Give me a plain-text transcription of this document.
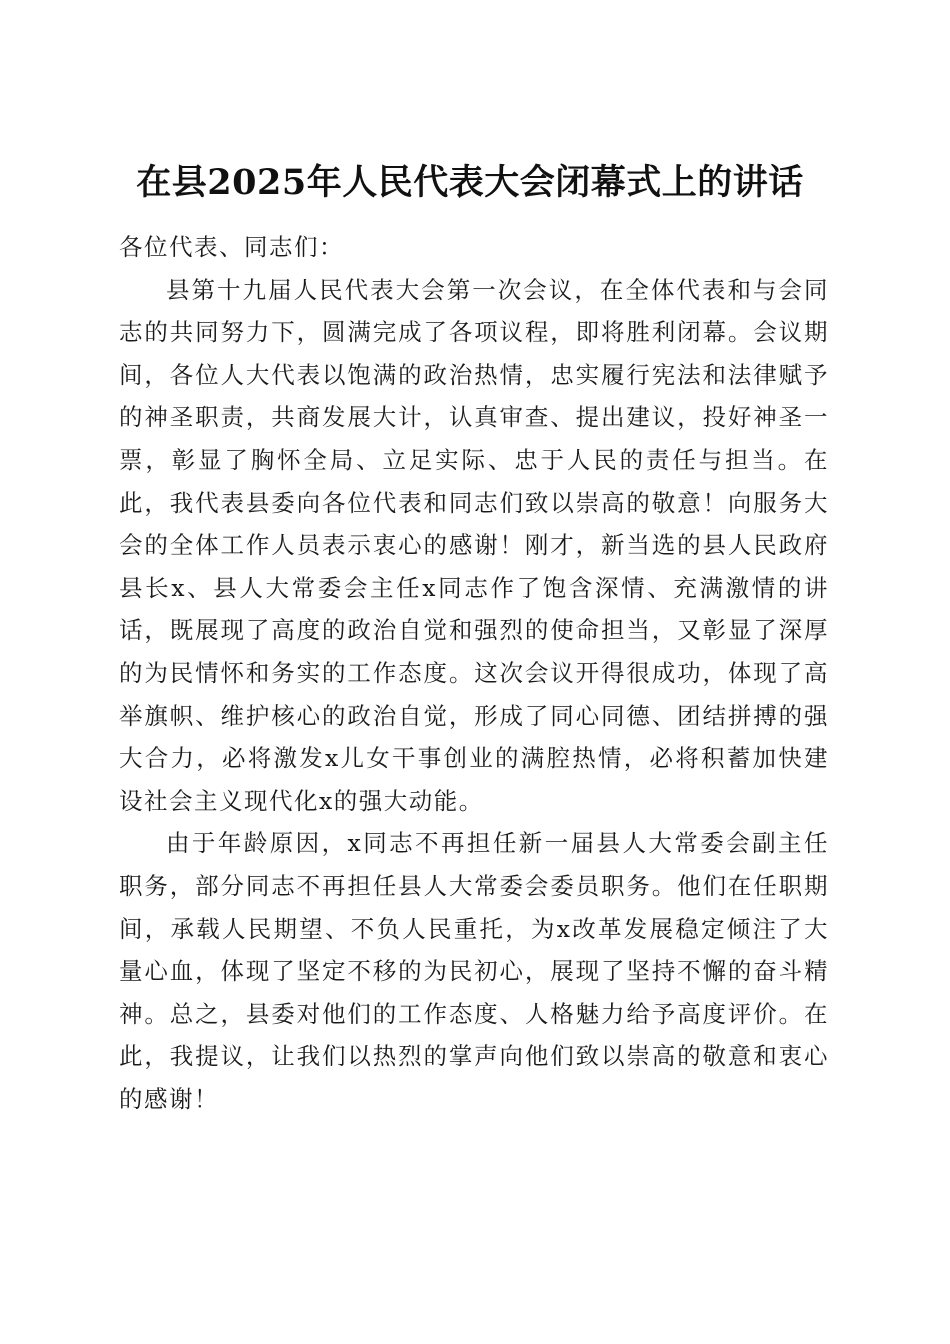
在县2025年人民代表大会闭幕式上的讲话

各位代表、同志们：

县第十九届人民代表大会第一次会议，在全体代表和与会同志的共同努力下，圆满完成了各项议程，即将胜利闭幕。会议期间，各位人大代表以饱满的政治热情，忠实履行宪法和法律赋予的神圣职责，共商发展大计，认真审查、提出建议，投好神圣一票，彰显了胸怀全局、立足实际、忠于人民的责任与担当。在此，我代表县委向各位代表和同志们致以崇高的敬意！向服务大会的全体工作人员表示衷心的感谢！刚才，新当选的县人民政府县长x、县人大常委会主任x同志作了饱含深情、充满激情的讲话，既展现了高度的政治自觉和强烈的使命担当，又彰显了深厚的为民情怀和务实的工作态度。这次会议开得很成功，体现了高举旗帜、维护核心的政治自觉，形成了同心同德、团结拼搏的强大合力，必将激发x儿女干事创业的满腔热情，必将积蓄加快建设社会主义现代化x的强大动能。

由于年龄原因，x同志不再担任新一届县人大常委会副主任职务，部分同志不再担任县人大常委会委员职务。他们在任职期间，承载人民期望、不负人民重托，为x改革发展稳定倾注了大量心血，体现了坚定不移的为民初心，展现了坚持不懈的奋斗精神。总之，县委对他们的工作态度、人格魅力给予高度评价。在此，我提议，让我们以热烈的掌声向他们致以崇高的敬意和衷心的感谢！
